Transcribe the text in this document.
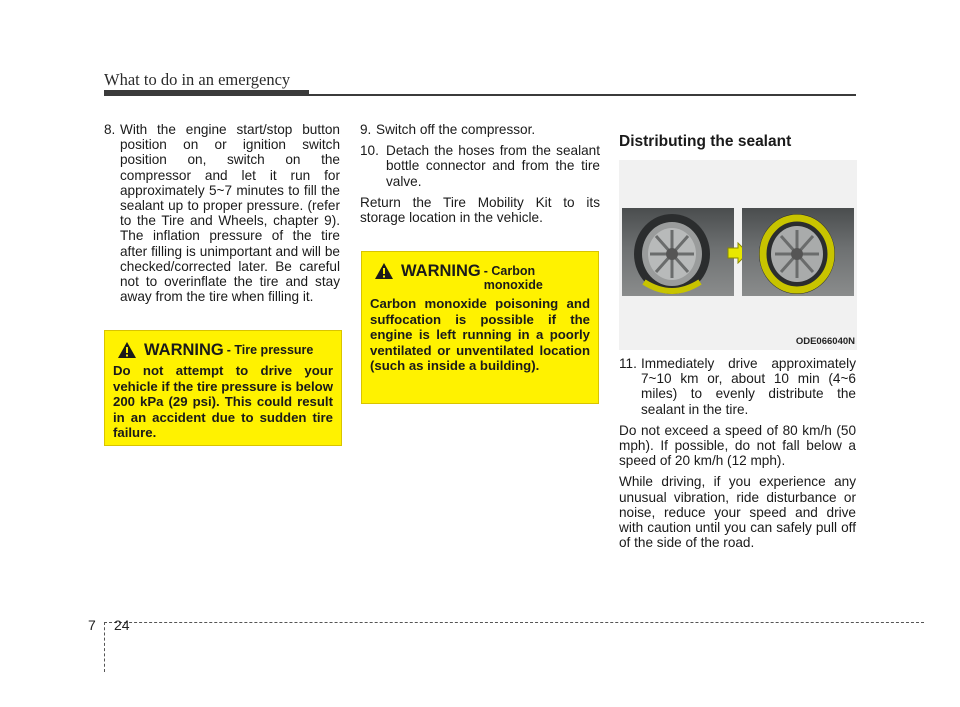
What to do in an emergency

8. With the engine start/stop button position on or ignition switch position on, switch on the compressor and let it run for approximately 5~7 minutes to fill the sealant up to proper pressure. (refer to the Tire and Wheels, chapter 9). The inflation pressure of the tire after filling is unimportant and will be checked/corrected later. Be careful not to overinflate the tire and stay away from the tire when filling it.

WARNING - Tire pressure
Do not attempt to drive your vehicle if the tire pressure is below 200 kPa (29 psi). This could result in an accident due to sudden tire failure.

9. Switch off the compressor.

10. Detach the hoses from the sealant bottle connector and from the tire valve.

Return the Tire Mobility Kit to its storage location in the vehicle.

WARNING - Carbon monoxide
Carbon monoxide poisoning and suffocation is possible if the engine is left running in a poorly ventilated or unventilated location (such as inside a building).

Distributing the sealant

ODE066040N

11. Immediately drive approximately 7~10 km or, about 10 min (4~6 miles) to evenly distribute the sealant in the tire.

Do not exceed a speed of 80 km/h (50 mph). If possible, do not fall below a speed of 20 km/h (12 mph).

While driving, if you experience any unusual vibration, ride disturbance or noise, reduce your speed and drive with caution until you can safely pull off of the side of the road.

7 24
